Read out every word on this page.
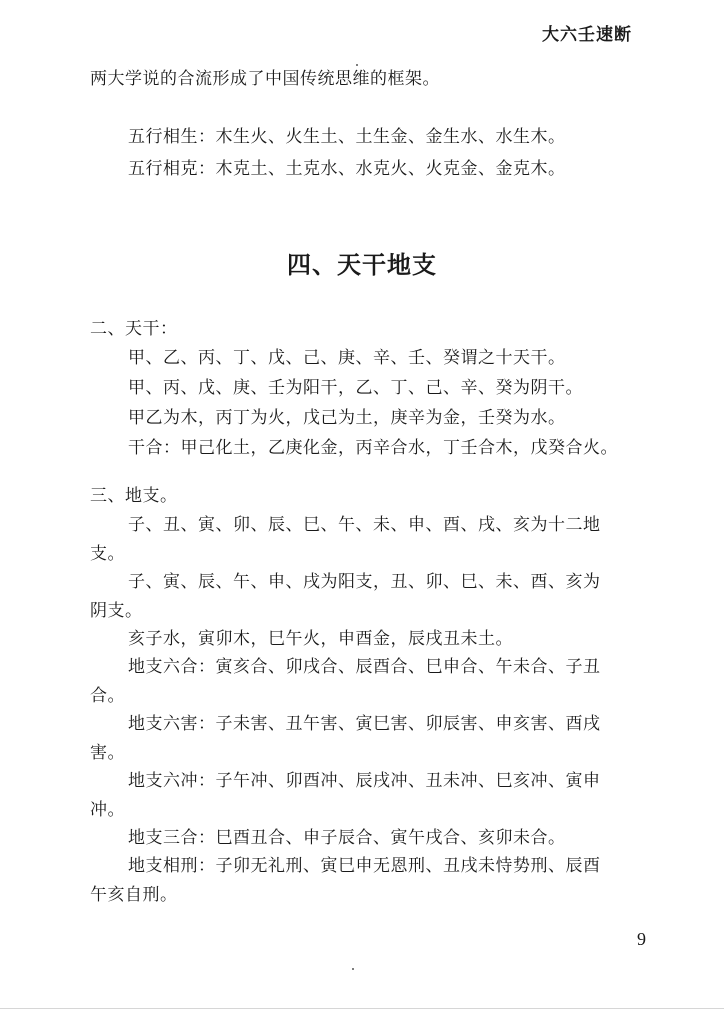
大六壬速断
两大学说的合流形成了中国传统思维的框架。
五行相生：木生火、火生土、土生金、金生水、水生木。
五行相克：木克土、土克水、水克火、火克金、金克木。
四、天干地支
二、天干：
甲、乙、丙、丁、戊、己、庚、辛、壬、癸谓之十天干。
甲、丙、戊、庚、壬为阳干，乙、丁、己、辛、癸为阴干。
甲乙为木，丙丁为火，戊己为土，庚辛为金，壬癸为水。
干合：甲己化土，乙庚化金，丙辛合水，丁壬合木，戊癸合火。
三、地支。
子、丑、寅、卯、辰、巳、午、未、申、酉、戌、亥为十二地
支。
子、寅、辰、午、申、戌为阳支，丑、卯、巳、未、酉、亥为
阴支。
亥子水，寅卯木，巳午火，申酉金，辰戌丑未土。
地支六合：寅亥合、卯戌合、辰酉合、巳申合、午未合、子丑
合。
地支六害：子未害、丑午害、寅巳害、卯辰害、申亥害、酉戌
害。
地支六冲：子午冲、卯酉冲、辰戌冲、丑未冲、巳亥冲、寅申
冲。
地支三合：巳酉丑合、申子辰合、寅午戌合、亥卯未合。
地支相刑：子卯无礼刑、寅巳申无恩刑、丑戌未恃势刑、辰酉
午亥自刑。
9
